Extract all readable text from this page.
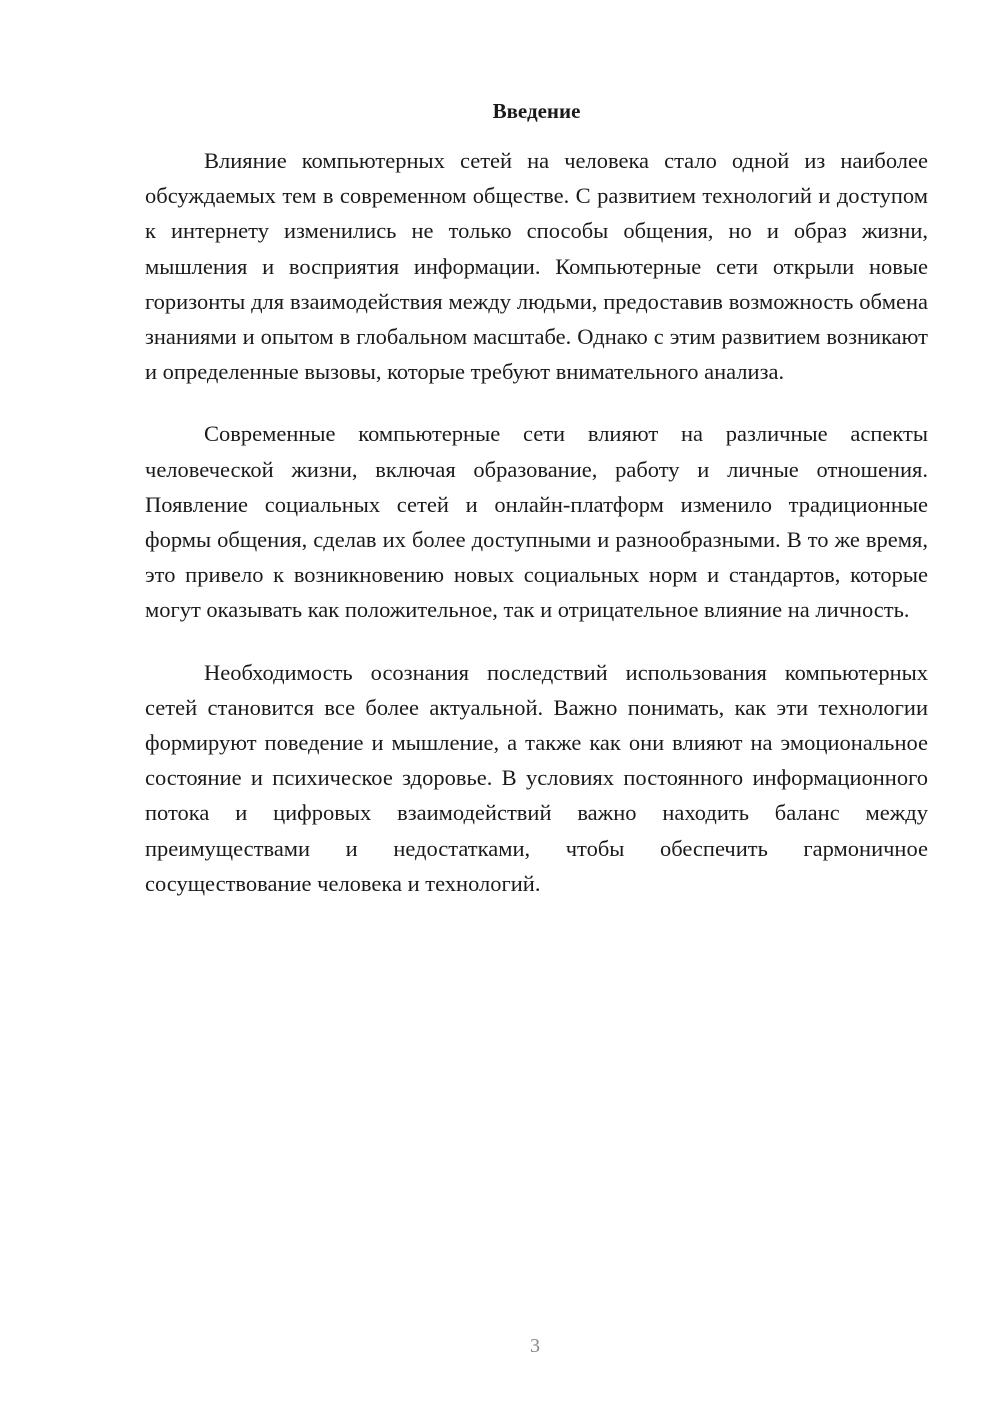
Введение

Влияние компьютерных сетей на человека стало одной из наиболее обсуждаемых тем в современном обществе. С развитием технологий и доступом к интернету изменились не только способы общения, но и образ жизни, мышления и восприятия информации. Компьютерные сети открыли новые горизонты для взаимодействия между людьми, предоставив возможность обмена знаниями и опытом в глобальном масштабе. Однако с этим развитием возникают и определенные вызовы, которые требуют внимательного анализа.

Современные компьютерные сети влияют на различные аспекты человеческой жизни, включая образование, работу и личные отношения. Появление социальных сетей и онлайн-платформ изменило традиционные формы общения, сделав их более доступными и разнообразными. В то же время, это привело к возникновению новых социальных норм и стандартов, которые могут оказывать как положительное, так и отрицательное влияние на личность.

Необходимость осознания последствий использования компьютерных сетей становится все более актуальной. Важно понимать, как эти технологии формируют поведение и мышление, а также как они влияют на эмоциональное состояние и психическое здоровье. В условиях постоянного информационного потока и цифровых взаимодействий важно находить баланс между преимуществами и недостатками, чтобы обеспечить гармоничное сосуществование человека и технологий.

3
